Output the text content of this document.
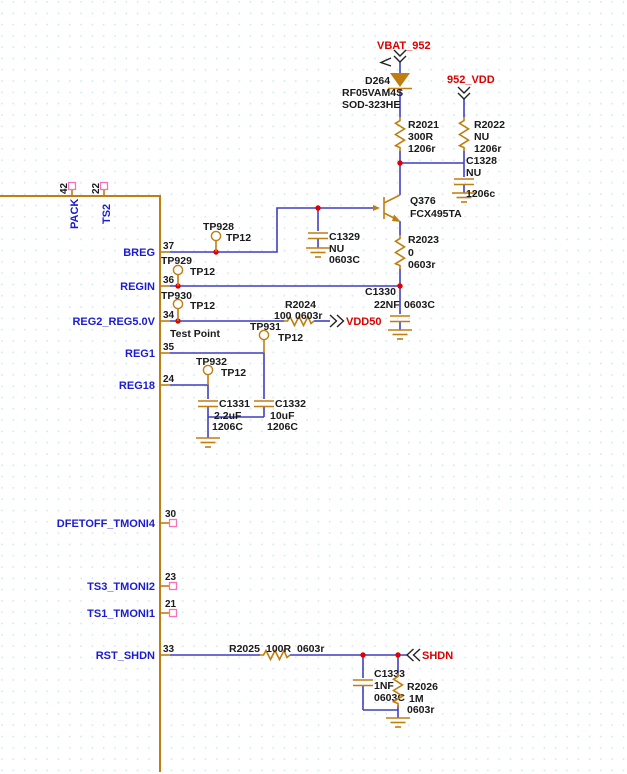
42
PACK
22
TS2
37
36
34
35
24
30
23
21
33
BREG
REGIN
REG2_REG5.0V
REG1
REG18
DFETOFF_TMONI4
TS3_TMONI2
TS1_TMONI1
RST_SHDN
VBAT_952
952_VDD
VDD50
SHDN
D264
RF05VAM4S
SOD-323HE
R2021
300R
1206r
R2022
NU
1206r
C1328
NU
1206c
Q376
FCX495TA
R2023
0
0603r
C1329
NU
0603C
C1330
22NF 0603C
R2024
100 0603r
Test Point
TP928
TP12
TP929
TP12
TP930
TP12
TP931
TP12
TP932
TP12
C1331
2.2uF
1206C
C1332
10uF
1206C
R2025 100R 0603r
C1333
1NF
0603C
R2026
1M
0603r
